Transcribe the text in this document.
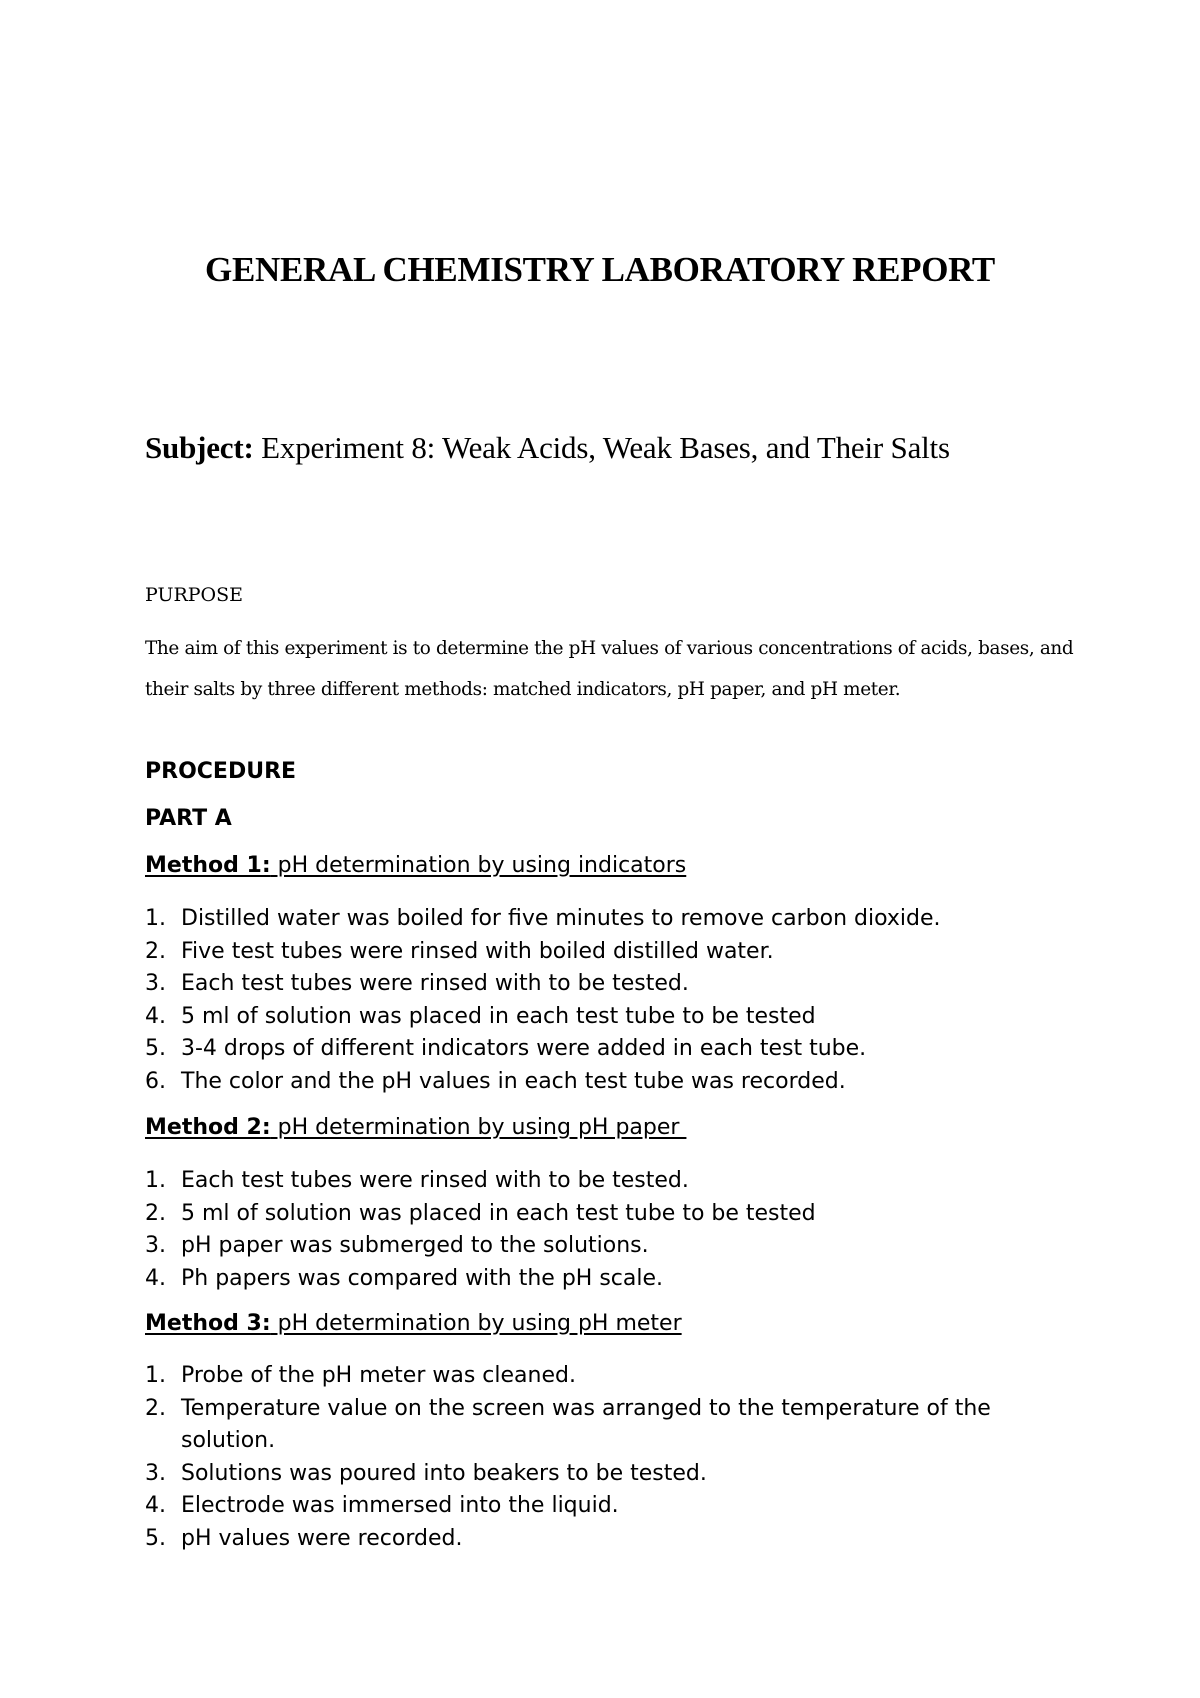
GENERAL CHEMISTRY LABORATORY REPORT

Subject: Experiment 8: Weak Acids, Weak Bases, and Their Salts

PURPOSE

The aim of this experiment is to determine the pH values of various concentrations of acids, bases, and their salts by three different methods: matched indicators, pH paper, and pH meter.

PROCEDURE

PART A

Method 1: pH determination by using indicators

1. Distilled water was boiled for five minutes to remove carbon dioxide.
2. Five test tubes were rinsed with boiled distilled water.
3. Each test tubes were rinsed with to be tested.
4. 5 ml of solution was placed in each test tube to be tested
5. 3-4 drops of different indicators were added in each test tube.
6. The color and the pH values in each test tube was recorded.

Method 2: pH determination by using pH paper

1. Each test tubes were rinsed with to be tested.
2. 5 ml of solution was placed in each test tube to be tested
3. pH paper was submerged to the solutions.
4. Ph papers was compared with the pH scale.

Method 3: pH determination by using pH meter

1. Probe of the pH meter was cleaned.
2. Temperature value on the screen was arranged to the temperature of the solution.
3. Solutions was poured into beakers to be tested.
4. Electrode was immersed into the liquid.
5. pH values were recorded.
